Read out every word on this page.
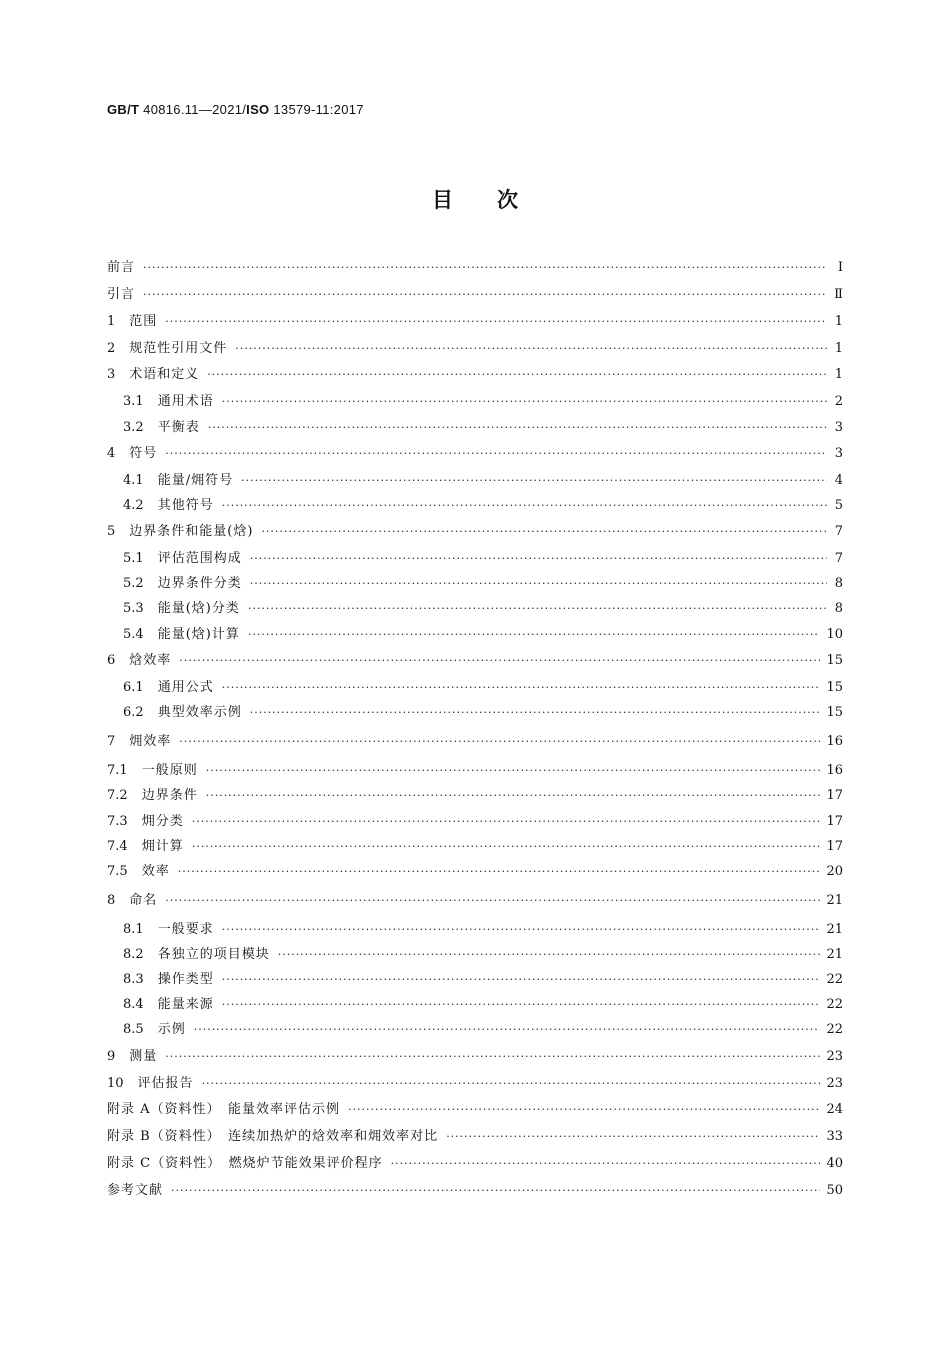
GB/T 40816.11—2021/ISO 13579-11:2017
目次
前言 ·····	Ⅰ
引言 ·····	Ⅱ
1 范围 ·····	1
2 规范性引用文件 ·····	1
3 术语和定义 ·····	1
3.1 通用术语 ·····	2
3.2 平衡表 ·····	3
4 符号 ·····	3
4.1 能量/㶲符号 ·····	4
4.2 其他符号 ·····	5
5 边界条件和能量(焓) ·····	7
5.1 评估范围构成 ·····	7
5.2 边界条件分类 ·····	8
5.3 能量(焓)分类 ·····	8
5.4 能量(焓)计算 ·····	10
6 焓效率 ·····	15
6.1 通用公式 ·····	15
6.2 典型效率示例 ·····	15
7 㶲效率 ·····	16
7.1 一般原则 ·····	16
7.2 边界条件 ·····	17
7.3 㶲分类 ·····	17
7.4 㶲计算 ·····	17
7.5 效率 ·····	20
8 命名 ·····	21
8.1 一般要求 ·····	21
8.2 各独立的项目模块 ·····	21
8.3 操作类型 ·····	22
8.4 能量来源 ·····	22
8.5 示例 ·····	22
9 测量 ·····	23
10 评估报告 ·····	23
附录 A（资料性）　能量效率评估示例 ·····	24
附录 B（资料性）　连续加热炉的焓效率和㶲效率对比 ·····	33
附录 C（资料性）　燃烧炉节能效果评价程序 ·····	40
参考文献 ·····	50
